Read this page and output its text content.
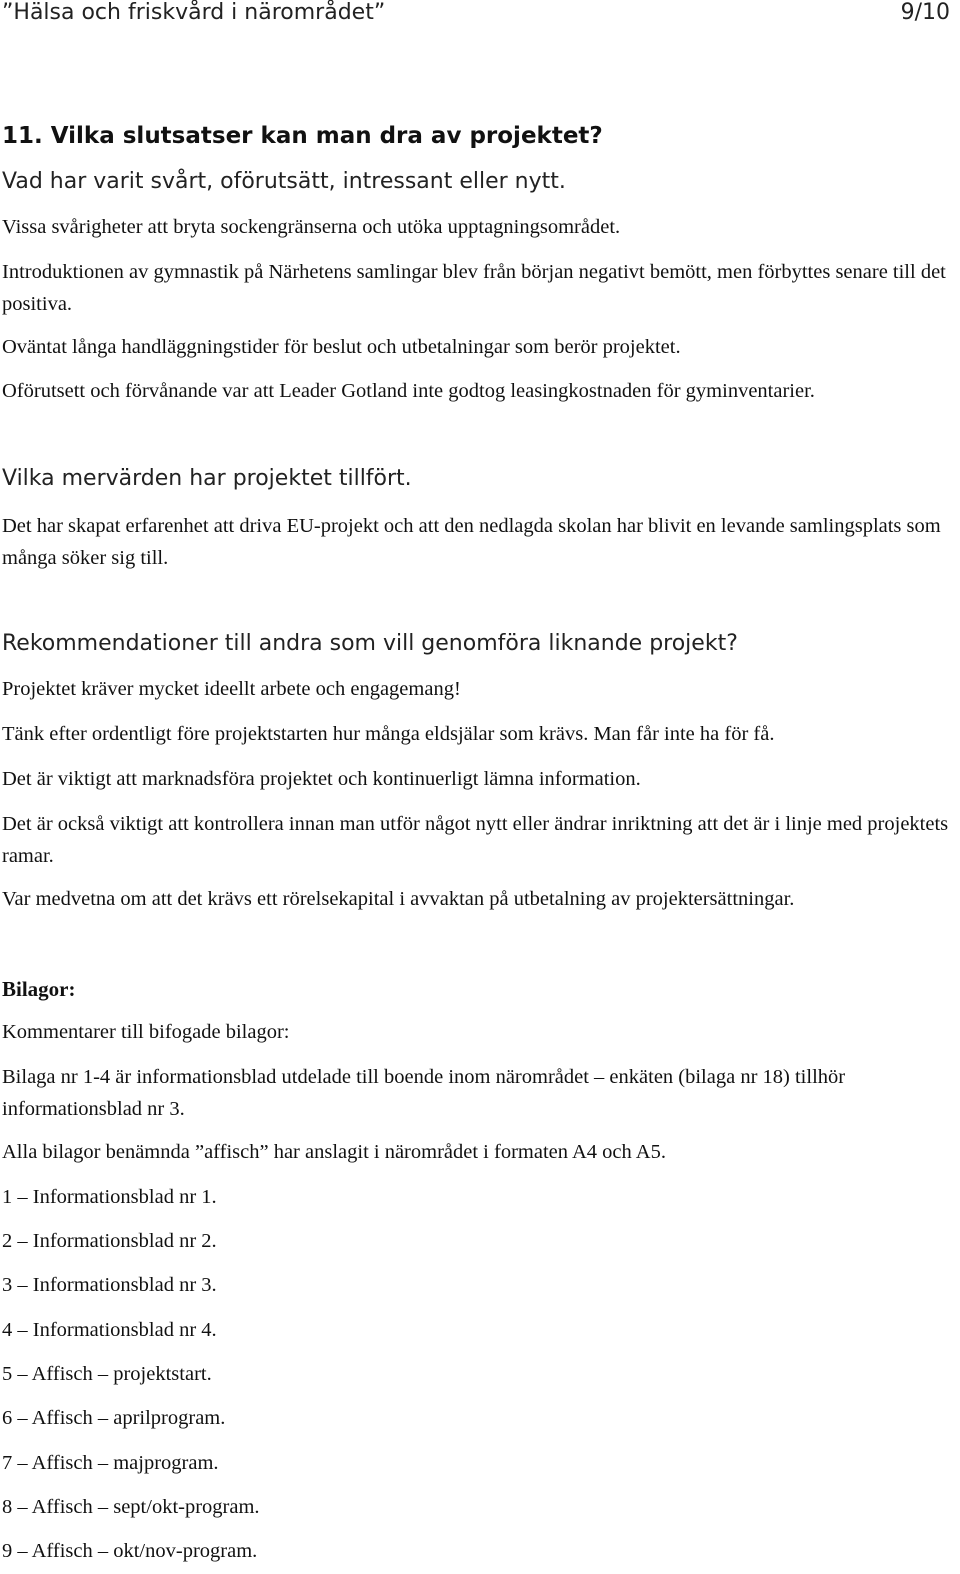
”Hälsa och friskvård i närområdet”	9/10
11. Vilka slutsatser kan man dra av projektet?
Vad har varit svårt, oförutsätt, intressant eller nytt.
Vissa svårigheter att bryta sockengränserna och utöka upptagningsområdet.
Introduktionen av gymnastik på Närhetens samlingar blev från början negativt bemött, men förbyttes senare till det positiva.
Oväntat långa handläggningstider för beslut och utbetalningar som berör projektet.
Oförutsett och förvånande var att Leader Gotland inte godtog leasingkostnaden för gyminventarier.
Vilka mervärden har projektet tillfört.
Det har skapat erfarenhet att driva EU-projekt och att den nedlagda skolan har blivit en levande samlingsplats som många söker sig till.
Rekommendationer till andra som vill genomföra liknande projekt?
Projektet kräver mycket ideellt arbete och engagemang!
Tänk efter ordentligt före projektstarten hur många eldsjälar som krävs. Man får inte ha för få.
Det är viktigt att marknadsföra projektet och kontinuerligt lämna information.
Det är också viktigt att kontrollera innan man utför något nytt eller ändrar inriktning att det är i linje med projektets ramar.
Var medvetna om att det krävs ett rörelsekapital i avvaktan på utbetalning av projektersättningar.
Bilagor:
Kommentarer till bifogade bilagor:
Bilaga nr 1-4 är informationsblad utdelade till boende inom närområdet – enkäten (bilaga nr 18) tillhör informationsblad nr 3.
Alla bilagor benämnda ”affisch” har anslagit i närområdet i formaten A4 och A5.
1 – Informationsblad nr 1.
2 – Informationsblad nr 2.
3 – Informationsblad nr 3.
4 – Informationsblad nr 4.
5 – Affisch – projektstart.
6 – Affisch – aprilprogram.
7 – Affisch – majprogram.
8 – Affisch – sept/okt-program.
9 – Affisch – okt/nov-program.
